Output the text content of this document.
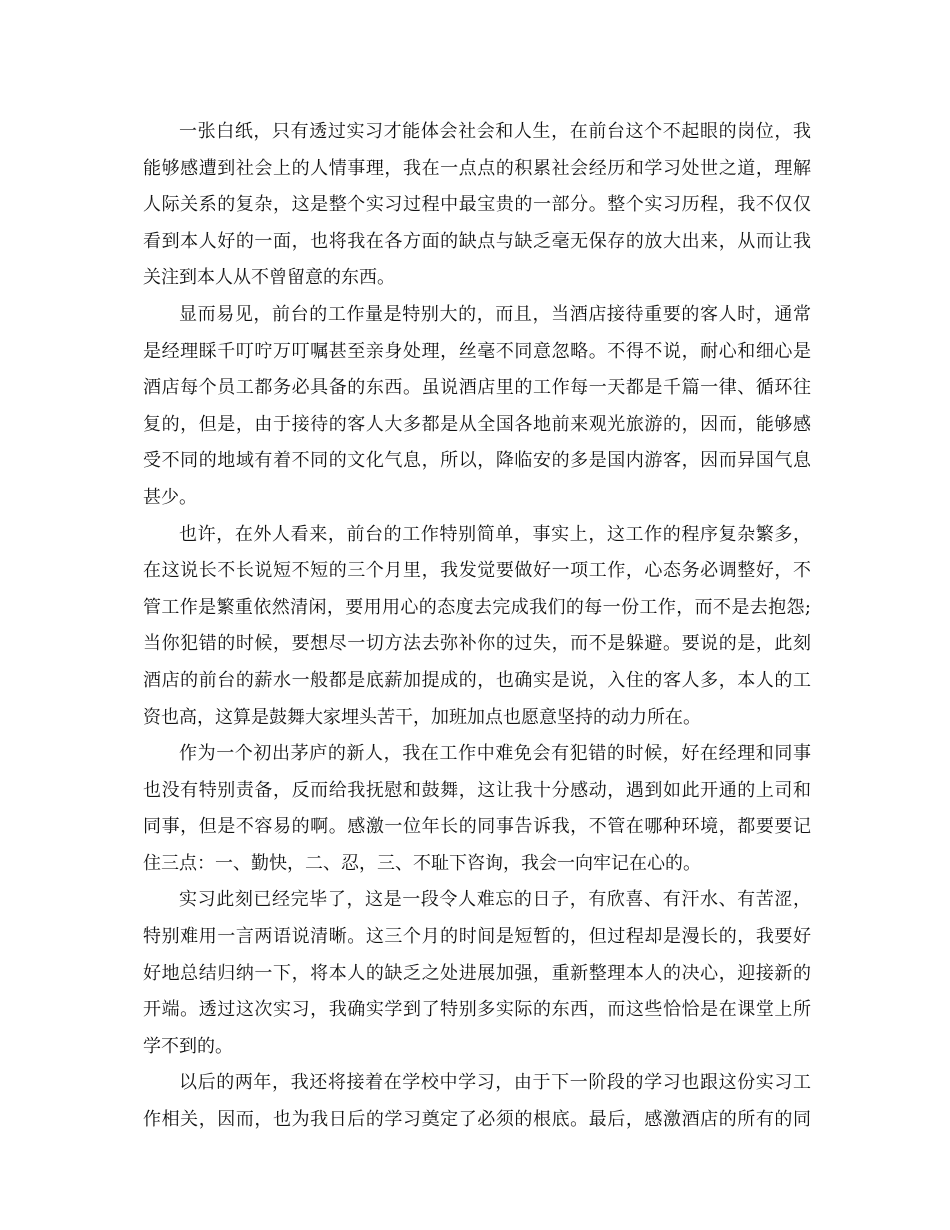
一张白纸，只有透过实习才能体会社会和人生，在前台这个不起眼的岗位，我
能够感遭到社会上的人情事理，我在一点点的积累社会经历和学习处世之道，理解
人际关系的复杂，这是整个实习过程中最宝贵的一部分。整个实习历程，我不仅仅
看到本人好的一面，也将我在各方面的缺点与缺乏毫无保存的放大出来，从而让我
关注到本人从不曾留意的东西。
显而易见，前台的工作量是特别大的，而且，当酒店接待重要的客人时，通常
是经理睬千叮咛万叮嘱甚至亲身处理，丝毫不同意忽略。不得不说，耐心和细心是
酒店每个员工都务必具备的东西。虽说酒店里的工作每一天都是千篇一律、循环往
复的，但是，由于接待的客人大多都是从全国各地前来观光旅游的，因而，能够感
受不同的地域有着不同的文化气息，所以，降临安的多是国内游客，因而异国气息
甚少。
也许，在外人看来，前台的工作特别简单，事实上，这工作的程序复杂繁多，
在这说长不长说短不短的三个月里，我发觉要做好一项工作，心态务必调整好，不
管工作是繁重依然清闲，要用用心的态度去完成我们的每一份工作，而不是去抱怨;
当你犯错的时候，要想尽一切方法去弥补你的过失，而不是躲避。要说的是，此刻
酒店的前台的薪水一般都是底薪加提成的，也确实是说，入住的客人多，本人的工
资也高，这算是鼓舞大家埋头苦干，加班加点也愿意坚持的动力所在。
作为一个初出茅庐的新人，我在工作中难免会有犯错的时候，好在经理和同事
也没有特别责备，反而给我抚慰和鼓舞，这让我十分感动，遇到如此开通的上司和
同事，但是不容易的啊。感激一位年长的同事告诉我，不管在哪种环境，都要要记
住三点：一、勤快，二、忍，三、不耻下咨询，我会一向牢记在心的。
实习此刻已经完毕了，这是一段令人难忘的日子，有欣喜、有汗水、有苦涩，
特别难用一言两语说清晰。这三个月的时间是短暂的，但过程却是漫长的，我要好
好地总结归纳一下，将本人的缺乏之处进展加强，重新整理本人的决心，迎接新的
开端。透过这次实习，我确实学到了特别多实际的东西，而这些恰恰是在课堂上所
学不到的。
以后的两年，我还将接着在学校中学习，由于下一阶段的学习也跟这份实习工
作相关，因而，也为我日后的学习奠定了必须的根底。最后，感激酒店的所有的同
